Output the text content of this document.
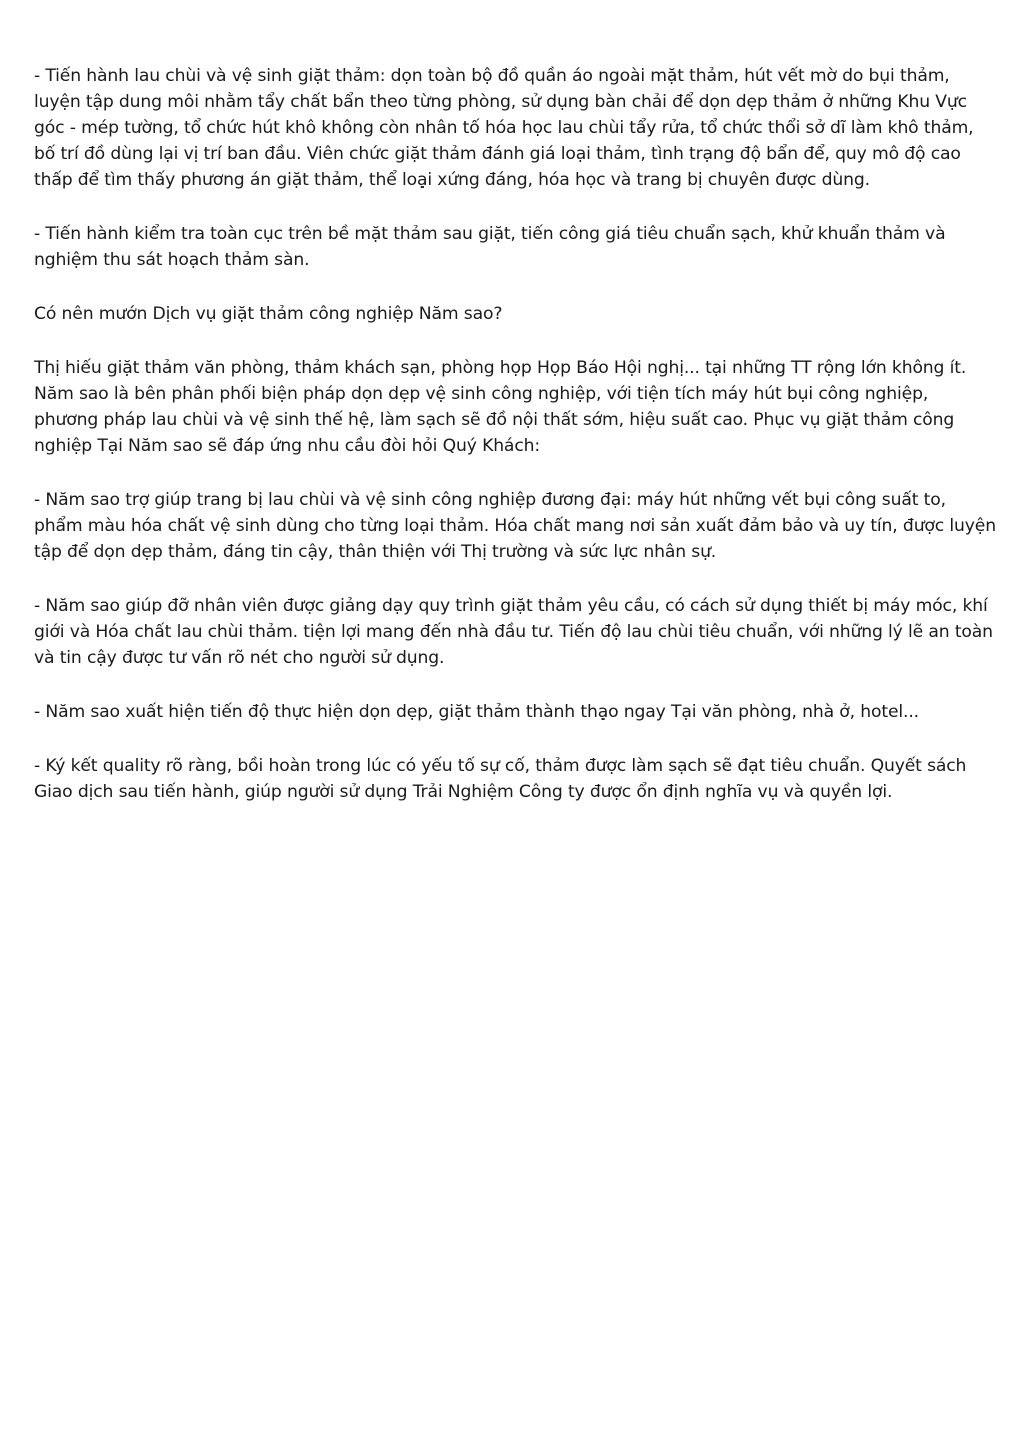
- Tiến hành lau chùi và vệ sinh giặt thảm: dọn toàn bộ đồ quần áo ngoài mặt thảm, hút vết mờ do bụi thảm, luyện tập dung môi nhằm tẩy chất bẩn theo từng phòng, sử dụng bàn chải để dọn dẹp thảm ở những Khu Vực góc - mép tường, tổ chức hút khô không còn nhân tố hóa học lau chùi tẩy rửa, tổ chức thổi sở dĩ làm khô thảm, bố trí đồ dùng lại vị trí ban đầu. Viên chức giặt thảm đánh giá loại thảm, tình trạng độ bẩn để, quy mô độ cao thấp để tìm thấy phương án giặt thảm, thể loạ̣i xứng đáng, hóa học và trang bị chuyên được dùng.

- Tiến hành kiểm tra toàn cục trên bề mặt thảm sau giặt, tiến công giá tiêu chuẩn sạch, khử khuẩn thảm và nghiệm thu sát hoạch thảm sàn.

Có nên mướn Dịch vụ giặt thảm công nghiệp Năm sao?

Thị hiếu giặt thảm văn phòng, thảm khách sạn, phòng họp Họp Báo Hội nghị... tại những TT rộng lớn không ít. Năm sao là bên phân phối biện pháp dọn dẹp vệ sinh công nghiệp, với tiện tích máy hút bụi công nghiệp, phương pháp lau chùi và vệ sinh thế hệ, làm sạch sẽ đồ nội thất sớm, hiệu suất cao. Phục vụ giặt thảm công nghiệp Tại Năm sao sẽ đáp ứng nhu cầu đòi hỏi Quý Khách:

- Năm sao trợ giúp trang bị lau chùi và vệ sinh công nghiệp đương đại: máy hút những vết bụi công suất to, phẩm màu hóa chất vệ sinh dùng cho từng loại thảm. Hóa chất mang nơi sản xuất đảm bảo và uy tín, được luyện tập để dọn dẹp thảm, đáng tin cậy, thân thiện với Thị trường và sức lực nhân sự.

- Năm sao giúp đỡ nhân viên được giảng dạy quy trình giặt thảm yêu cầu, có cách sử dụng thiết bị máy móc, khí giới và Hóa chất lau chùi thảm. tiện lợi mang đến nhà đầu tư. Tiến độ lau chùi tiêu chuẩn, với những lý lẽ an toàn và tin cậy được tư vấn rõ nét cho người sử dụng.

- Năm sao xuất hiện tiến độ thực hiện dọn dẹp, giặt thảm thành thạ̣o ngay Tại văn phòng, nhà ở, hotel...

- Ký kết quality rõ ràng, bồi hoàn trong lúc có yếu tố sự cố, thảm được làm sạch sẽ đạt tiêu chuẩn. Quyết sách Giao dịch sau tiến hành, giúp người sử dụng Trải Nghiệm Công ty được ổn định nghĩa vụ và quyền lợi.
